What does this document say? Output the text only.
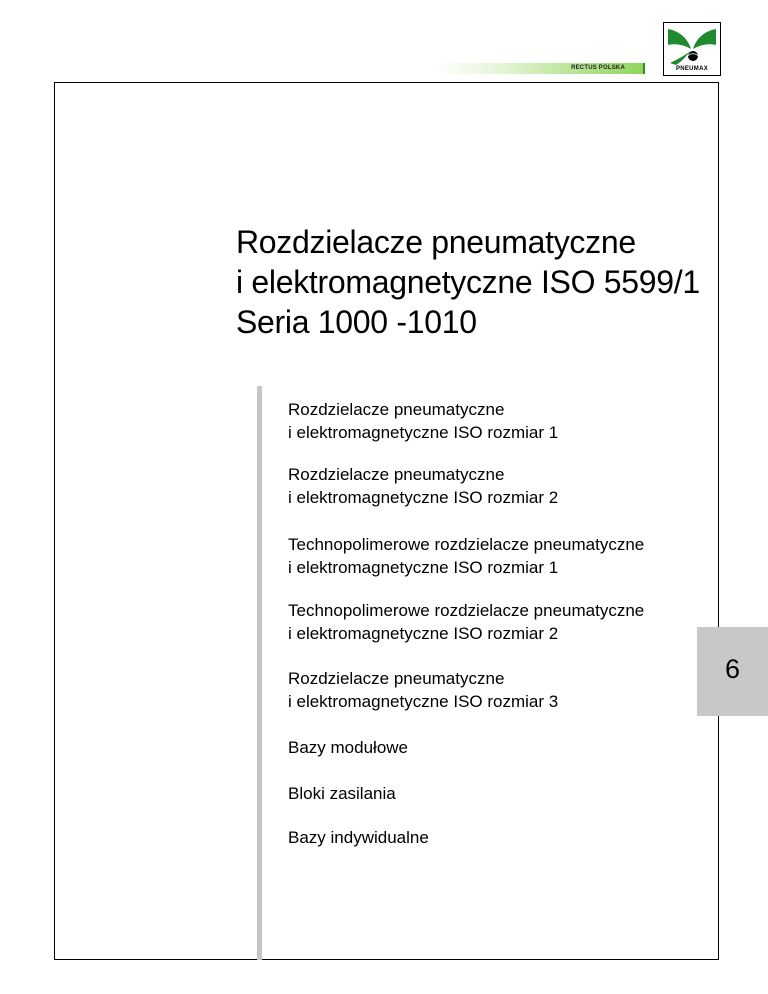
RECTUS POLSKA	PNEUMAX
Rozdzielacze pneumatyczne
i elektromagnetyczne ISO 5599/1
Seria 1000 -1010
Rozdzielacze pneumatyczne
i elektromagnetyczne ISO rozmiar 1
Rozdzielacze pneumatyczne
i elektromagnetyczne ISO rozmiar 2
Technopolimerowe rozdzielacze pneumatyczne
i elektromagnetyczne ISO rozmiar 1
Technopolimerowe rozdzielacze pneumatyczne
i elektromagnetyczne ISO rozmiar 2
Rozdzielacze pneumatyczne
i elektromagnetyczne ISO rozmiar 3
Bazy modułowe
Bloki zasilania
Bazy indywidualne
6
